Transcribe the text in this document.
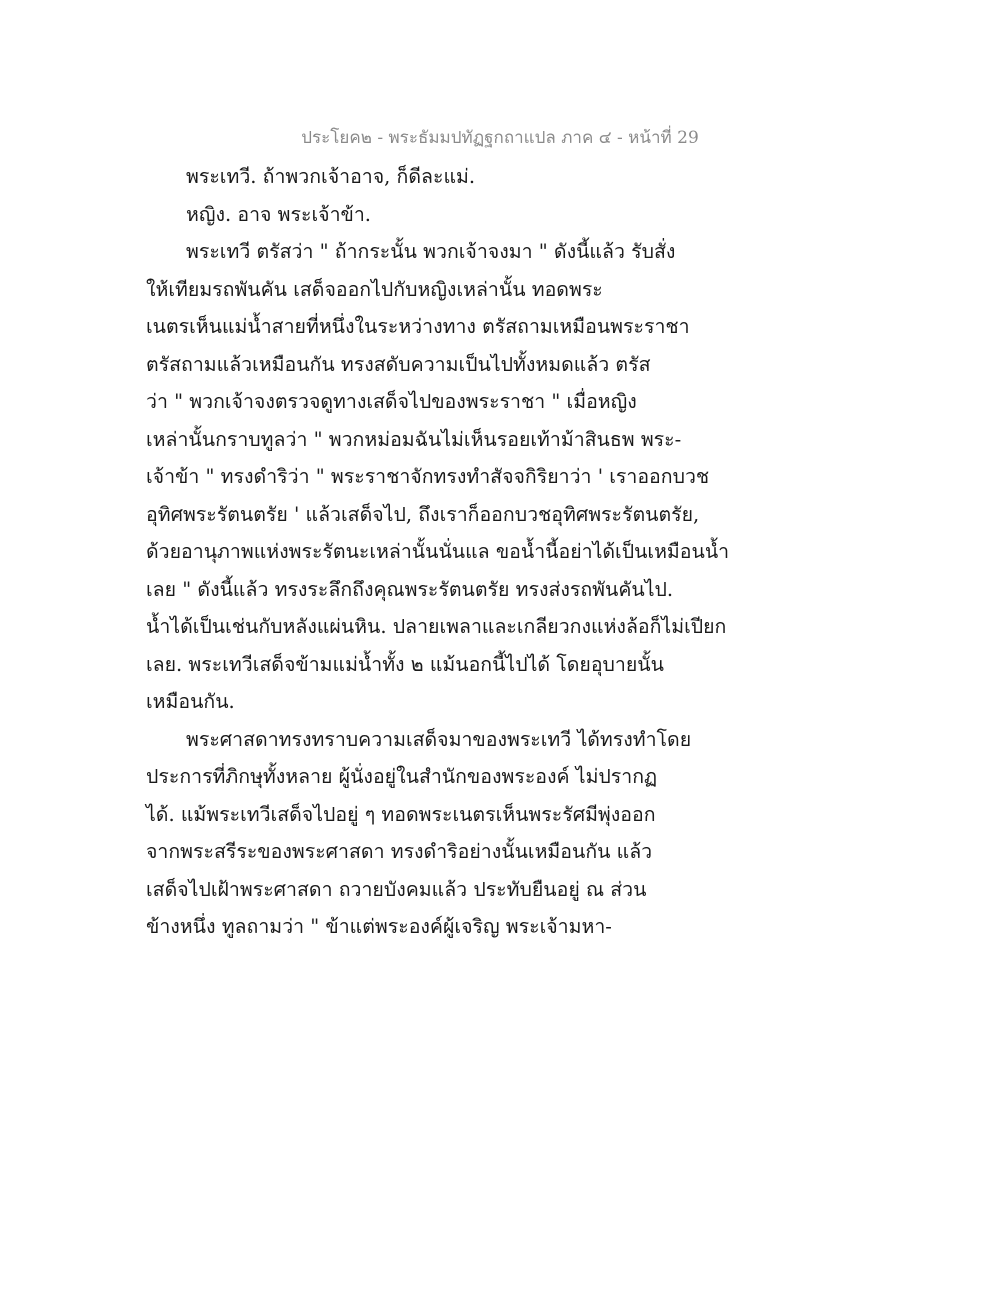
ประโยค๒ - พระธัมมปทัฏฐกถาแปล ภาค ๔ - หน้าที่ 29
พระเทวี. ถ้าพวกเจ้าอาจ, ก็ดีละแม่.
หญิง. อาจ พระเจ้าข้า.
พระเทวี ตรัสว่า " ถ้ากระนั้น พวกเจ้าจงมา " ดังนี้แล้ว รับสั่ง
ให้เทียมรถพันคัน เสด็จออกไปกับหญิงเหล่านั้น ทอดพระ
เนตรเห็นแม่น้ำสายที่หนึ่งในระหว่างทาง ตรัสถามเหมือนพระราชา
ตรัสถามแล้วเหมือนกัน ทรงสดับความเป็นไปทั้งหมดแล้ว ตรัส
ว่า " พวกเจ้าจงตรวจดูทางเสด็จไปของพระราชา " เมื่อหญิง
เหล่านั้นกราบทูลว่า " พวกหม่อมฉันไม่เห็นรอยเท้าม้าสินธพ พระ-
เจ้าข้า " ทรงดำริว่า " พระราชาจักทรงทำสัจจกิริยาว่า ' เราออกบวช
อุทิศพระรัตนตรัย ' แล้วเสด็จไป, ถึงเราก็ออกบวชอุทิศพระรัตนตรัย,
ด้วยอานุภาพแห่งพระรัตนะเหล่านั้นนั่นแล ขอน้ำนี้อย่าได้เป็นเหมือนน้ำ
เลย " ดังนี้แล้ว ทรงระลึกถึงคุณพระรัตนตรัย ทรงส่งรถพันคันไป.
น้ำได้เป็นเช่นกับหลังแผ่นหิน. ปลายเพลาและเกลียวกงแห่งล้อก็ไม่เปียก
เลย. พระเทวีเสด็จข้ามแม่น้ำทั้ง ๒ แม้นอกนี้ไปได้ โดยอุบายนั้น
เหมือนกัน.
พระศาสดาทรงทราบความเสด็จมาของพระเทวี ได้ทรงทำโดย
ประการที่ภิกษุทั้งหลาย ผู้นั่งอยู่ในสำนักของพระองค์ ไม่ปรากฏ
ได้. แม้พระเทวีเสด็จไปอยู่ ๆ ทอดพระเนตรเห็นพระรัศมีพุ่งออก
จากพระสรีระของพระศาสดา ทรงดำริอย่างนั้นเหมือนกัน แล้ว
เสด็จไปเฝ้าพระศาสดา ถวายบังคมแล้ว ประทับยืนอยู่ ณ ส่วน
ข้างหนึ่ง ทูลถามว่า " ข้าแต่พระองค์ผู้เจริญ พระเจ้ามหา-
